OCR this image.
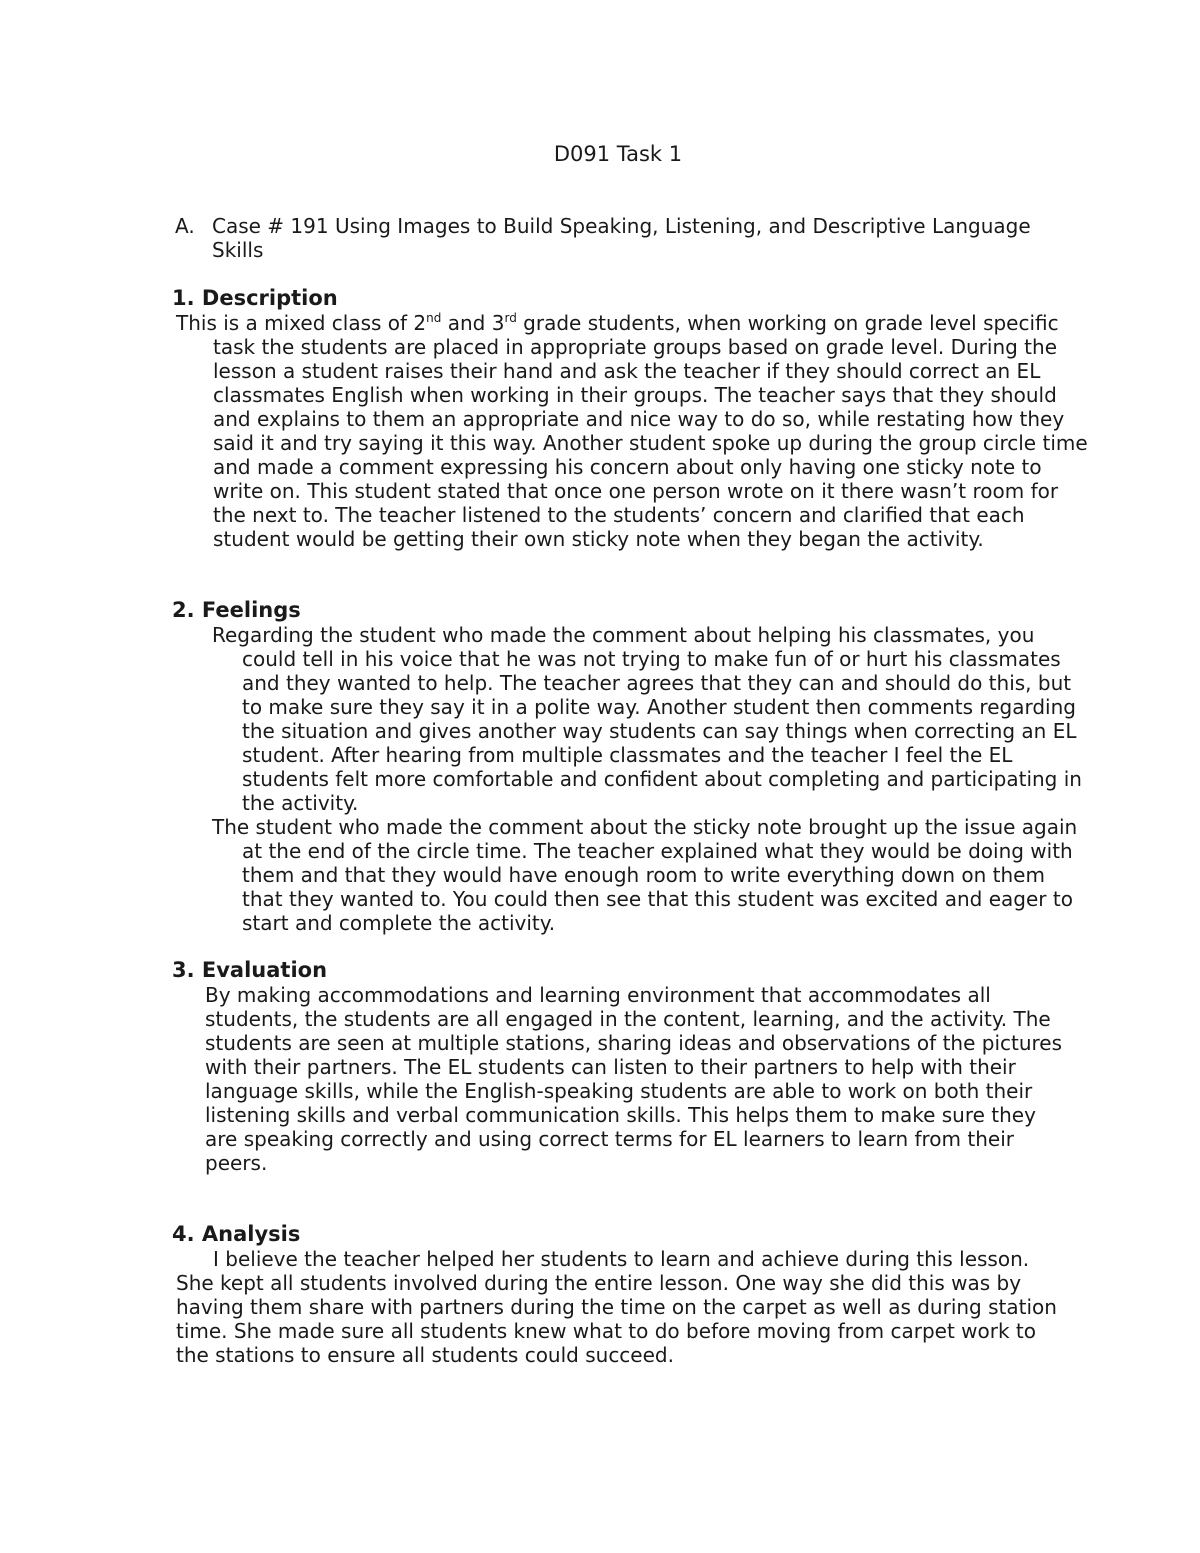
D091 Task 1
A. Case # 191 Using Images to Build Speaking, Listening, and Descriptive Language Skills
1. Description
This is a mixed class of 2nd and 3rd grade students, when working on grade level specific task the students are placed in appropriate groups based on grade level. During the lesson a student raises their hand and ask the teacher if they should correct an EL classmates English when working in their groups. The teacher says that they should and explains to them an appropriate and nice way to do so, while restating how they said it and try saying it this way. Another student spoke up during the group circle time and made a comment expressing his concern about only having one sticky note to write on. This student stated that once one person wrote on it there wasn’t room for the next to. The teacher listened to the students’ concern and clarified that each student would be getting their own sticky note when they began the activity.
2. Feelings
Regarding the student who made the comment about helping his classmates, you could tell in his voice that he was not trying to make fun of or hurt his classmates and they wanted to help. The teacher agrees that they can and should do this, but to make sure they say it in a polite way. Another student then comments regarding the situation and gives another way students can say things when correcting an EL student. After hearing from multiple classmates and the teacher I feel the EL students felt more comfortable and confident about completing and participating in the activity.
The student who made the comment about the sticky note brought up the issue again at the end of the circle time. The teacher explained what they would be doing with them and that they would have enough room to write everything down on them that they wanted to. You could then see that this student was excited and eager to start and complete the activity.
3. Evaluation
By making accommodations and learning environment that accommodates all students, the students are all engaged in the content, learning, and the activity. The students are seen at multiple stations, sharing ideas and observations of the pictures with their partners. The EL students can listen to their partners to help with their language skills, while the English-speaking students are able to work on both their listening skills and verbal communication skills. This helps them to make sure they are speaking correctly and using correct terms for EL learners to learn from their peers.
4. Analysis
I believe the teacher helped her students to learn and achieve during this lesson. She kept all students involved during the entire lesson. One way she did this was by having them share with partners during the time on the carpet as well as during station time. She made sure all students knew what to do before moving from carpet work to the stations to ensure all students could succeed.
